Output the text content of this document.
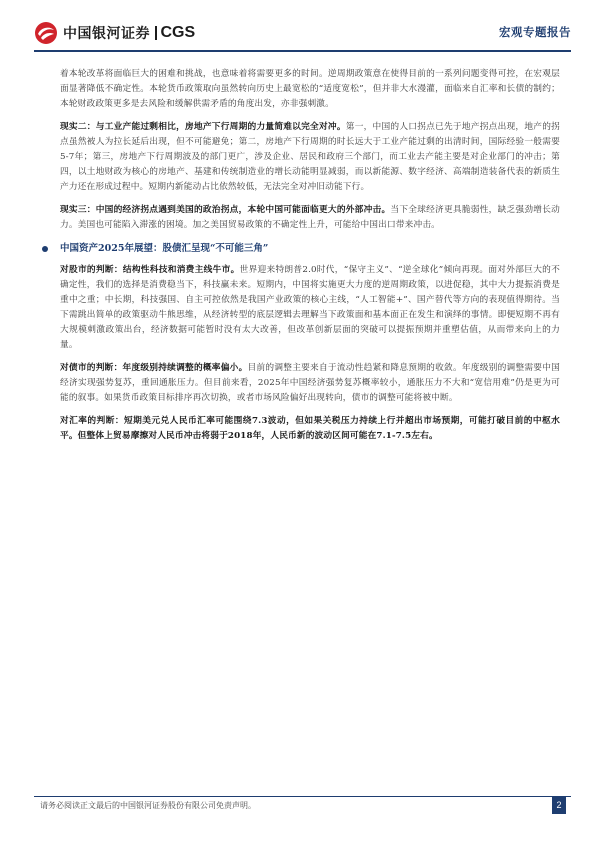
中国银河证券 CGS	宏观专题报告

着本轮改革将面临巨大的困难和挑战，也意味着将需要更多的时间。逆周期政策意在使得目前的一系列问题变得可控，在宏观层面显著降低不确定性。本轮货币政策取向虽然转向历史上最宽松的“适度宽松”，但并非大水漫灌，面临来自汇率和长债的制约；本轮财政政策更多是去风险和缓解供需矛盾的角度出发，亦非强刺激。

现实二：与工业产能过剩相比，房地产下行周期的力量简难以完全对冲。第一，中国的人口拐点已先于地产拐点出现，地产的拐点虽然被人为拉长延后出现，但不可能避免；第二，房地产下行周期的时长远大于工业产能过剩的出清时间，国际经验一般需要5-7年；第三，房地产下行周期波及的部门更广，涉及企业、居民和政府三个部门，而工业去产能主要是对企业部门的冲击；第四，以土地财政为核心的房地产、基建和传统制造业的增长动能明显减弱，而以新能源、数字经济、高端制造装备代表的新质生产力还在形成过程中。短期内新能动占比依然较低，无法完全对冲旧动能下行。

现实三：中国的经济拐点遇到美国的政治拐点，本轮中国可能面临更大的外部冲击。当下全球经济更具脆弱性，缺乏强劲增长动力。美国也可能陷入滞涨的困境。加之美国贸易政策的不确定性上升，可能给中国出口带来冲击。

中国资产2025年展望：股债汇呈现“不可能三角”

对股市的判断：结构性科技和消费主线牛市。世界迎来特朗普2.0时代，“保守主义”、“逆全球化”倾向再现。面对外部巨大的不确定性，我们的选择是消费稳当下，科技赢未来。短期内，中国将实施更大力度的逆周期政策，以进促稳，其中大力提振消费是重中之重；中长期，科技强国、自主可控依然是我国产业政策的核心主线，“人工智能+”、国产替代等方向的表现值得期待。当下需跳出简单的政策驱动牛熊思维，从经济转型的底层逻辑去理解当下政策面和基本面正在发生和演绎的事情。即便短期不再有大规模刺激政策出台，经济数据可能暂时没有太大改善，但改革创新层面的突破可以提振预期并重塑估值，从而带来向上的力量。

对债市的判断：年度级别持续调整的概率偏小。目前的调整主要来自于流动性趋紧和降息预期的收敛。年度级别的调整需要中国经济实现强势复苏，重回通胀压力。但目前来看，2025年中国经济强势复苏概率较小，通胀压力不大和“宽信用难”仍是更为可能的叙事。如果货币政策目标排序再次切换，或者市场风险偏好出现转向，债市的调整可能将被中断。

对汇率的判断：短期美元兑人民币汇率可能围绕7.3波动，但如果关税压力持续上行并超出市场预期，可能打破目前的中枢水平。但整体上贸易摩擦对人民币冲击将弱于2018年，人民币新的波动区间可能在7.1-7.5左右。

请务必阅读正文最后的中国银河证券股份有限公司免责声明。	2
